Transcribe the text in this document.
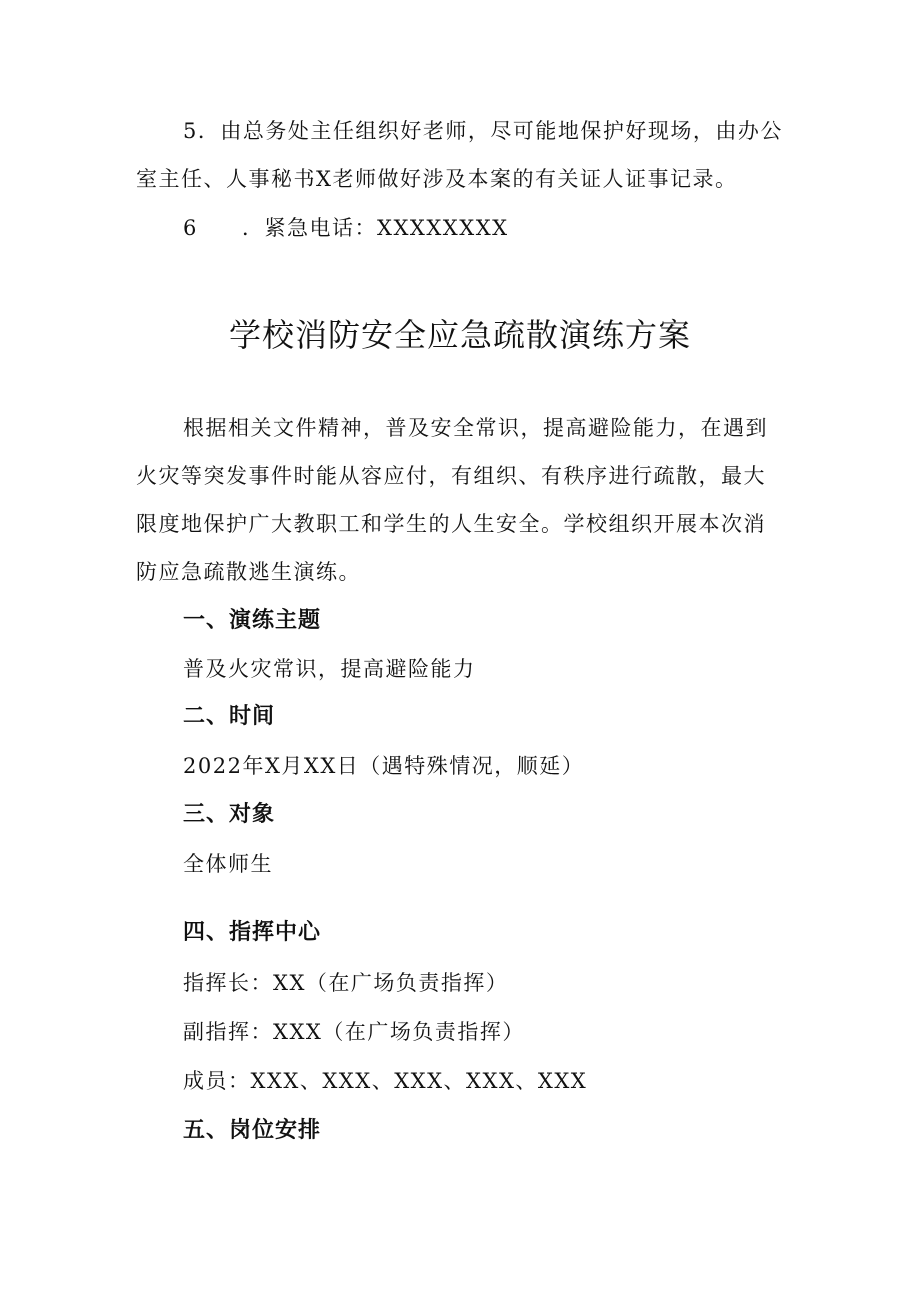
5．由总务处主任组织好老师，尽可能地保护好现场，由办公
室主任、人事秘书X老师做好涉及本案的有关证人证事记录。
6 ．紧急电话：XXXXXXXX
学校消防安全应急疏散演练方案
根据相关文件精神，普及安全常识，提高避险能力，在遇到
火灾等突发事件时能从容应付，有组织、有秩序进行疏散，最大
限度地保护广大教职工和学生的人生安全。学校组织开展本次消
防应急疏散逃生演练。
一、演练主题
普及火灾常识，提高避险能力
二、时间
2022年X月XX日（遇特殊情况，顺延）
三、对象
全体师生
四、指挥中心
指挥长：XX（在广场负责指挥）
副指挥：XXX（在广场负责指挥）
成员：XXX、XXX、XXX、XXX、XXX
五、岗位安排
